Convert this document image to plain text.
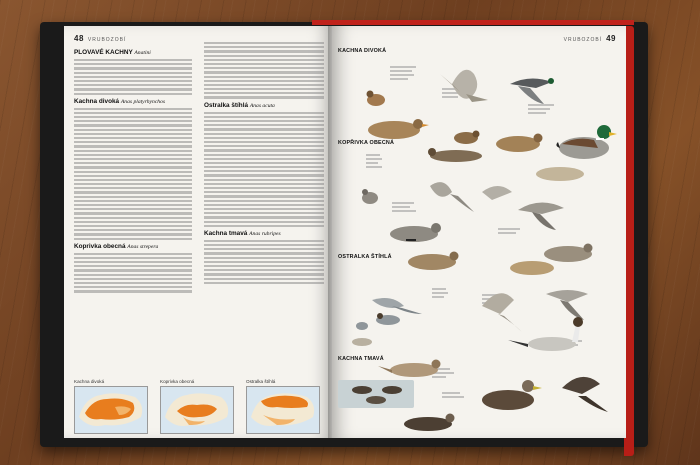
48 VRUBOZOBÍ
PLOVAVÉ KACHNY Anatini
Kachna divoká Anas platyrhynchos
Koprivka obecná Anas strepera
Ostralka štíhlá Anas acuta
Kachna tmavá Anas rubripes
Kachna divoká	Koprivka obecná	Ostralka štíhlá
VRUBOZOBÍ 49
KACHNA DIVOKÁ
KOPŘIVKA OBECNÁ
OSTRALKA ŠTÍHLÁ
KACHNA TMAVÁ
